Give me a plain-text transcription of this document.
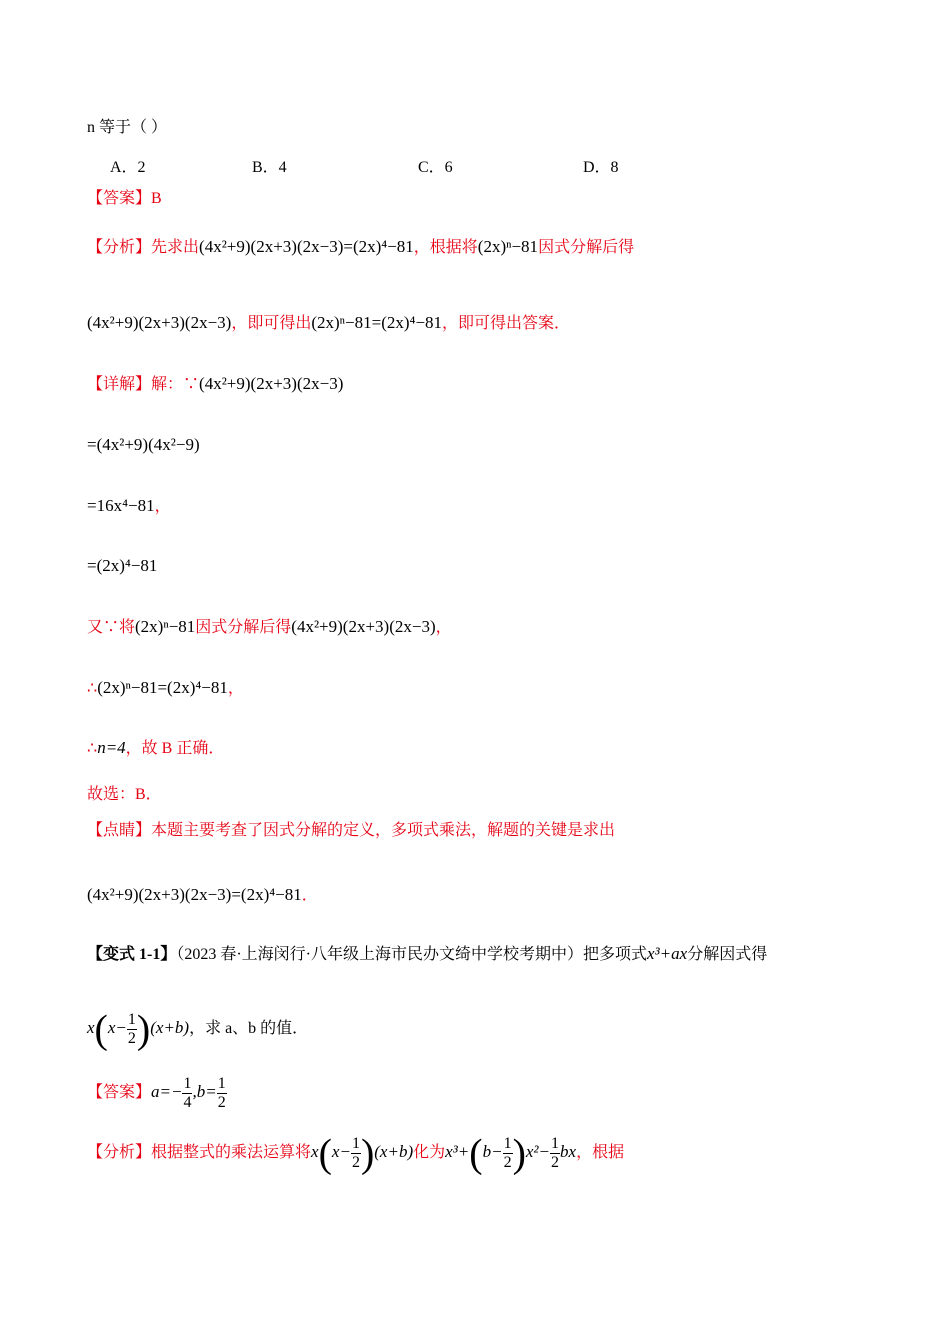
n 等于（ ）
A．2	B．4	C．6	D．8
【答案】B
【分析】先求出(4x²+9)(2x+3)(2x−3)=(2x)⁴−81，根据将(2x)ⁿ−81因式分解后得
(4x²+9)(2x+3)(2x−3)，即可得出(2x)ⁿ−81=(2x)⁴−81，即可得出答案．
【详解】解：∵(4x²+9)(2x+3)(2x−3)
=(4x²+9)(4x²−9)
=16x⁴−81，
=(2x)⁴−81
又∵将(2x)ⁿ−81因式分解后得(4x²+9)(2x+3)(2x−3)，
∴(2x)ⁿ−81=(2x)⁴−81，
∴n=4，故 B 正确．
故选：B．
【点睛】本题主要考查了因式分解的定义，多项式乘法，解题的关键是求出
(4x²+9)(2x+3)(2x−3)=(2x)⁴−81．
【变式 1-1】（2023 春·上海闵行·八年级上海市民办文绮中学校考期中）把多项式x³+ax分解因式得
$x(x- \frac{1}{2} )(x+b)$，求 a、b 的值．
【答案】$a=- \frac{1}{4} ,b= \frac{1}{2}$
【分析】根据整式的乘法运算将$x(x- \frac{1}{2} )(x+b)$化为$x^3+(b- \frac{1}{2} )x^2- \frac{1}{2}$ bx，根据
